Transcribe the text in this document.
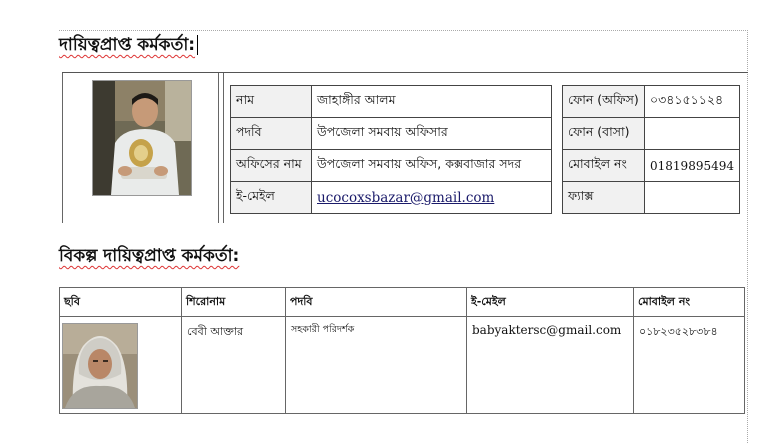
দায়িত্বপ্রাপ্ত কর্মকর্তা:
নাম	জাহাঙ্গীর আলম
পদবি	উপজেলা সমবায় অফিসার
অফিসের নাম	উপজেলা সমবায় অফিস, কক্সবাজার সদর
ই-মেইল	ucocoxsbazar@gmail.com
ফোন (অফিস)	০৩৪১৫১১২৪
ফোন (বাসা)	
মোবাইল নং	01819895494
ফ্যাক্স	
বিকল্প দায়িত্বপ্রাপ্ত কর্মকর্তা:
ছবি	শিরোনাম	পদবি	ই-মেইল	মোবাইল নং

	বেবী আক্তার	সহকারী পরিদর্শক	babyaktersc@gmail.com	০১৮২৩৫২৮৩৮৪
